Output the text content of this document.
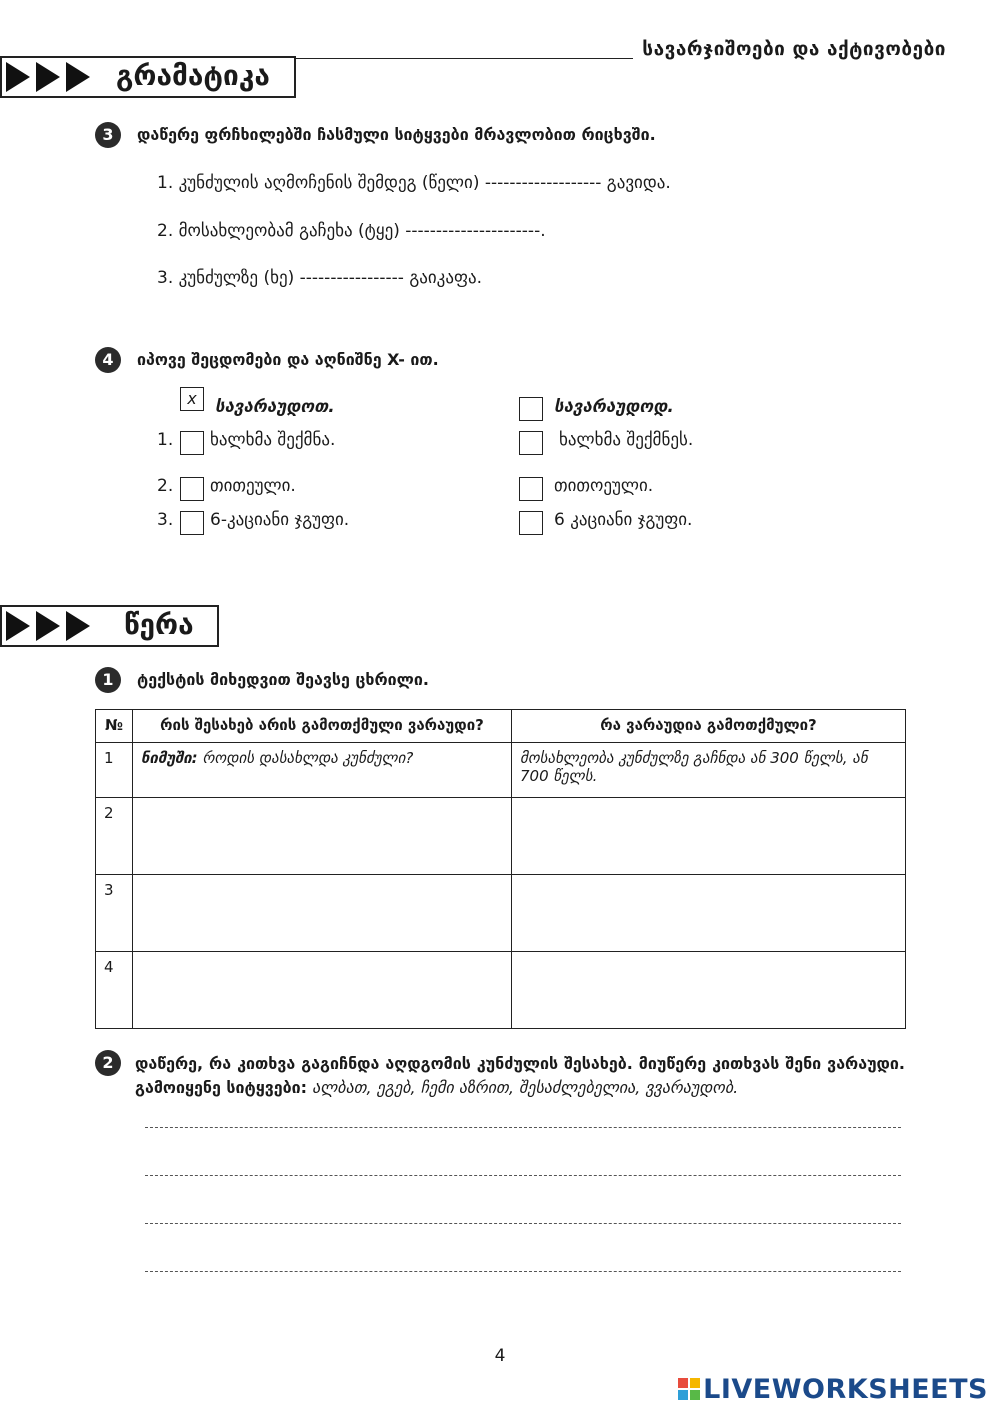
სავარჯიშოები და აქტივობები
გრამატიკა
3	დაწერე ფრჩხილებში ჩასმული სიტყვები მრავლობით რიცხვში.
1. კუნძულის აღმოჩენის შემდეგ (წელი) ------------------- გავიდა.
2. მოსახლეობამ გაჩეხა (ტყე) ----------------------.
3. კუნძულზე (ხე) ----------------- გაიკაფა.
4	იპოვე შეცდომები და აღნიშნე X- ით.
x	სავარაუდოთ.	სავარაუდოდ.
1. ხალხმა შექმნა.	ხალხმა შექმნეს.
2. თითეული.	თითოეული.
3. 6-კაციანი ჯგუფი.	6 კაციანი ჯგუფი.
წერა
1	ტექსტის მიხედვით შეავსე ცხრილი.
№	რის შესახებ არის გამოთქმული ვარაუდი?	რა ვარაუდია გამოთქმული?
1	ნიმუში: როდის დასახლდა კუნძული?	მოსახლეობა კუნძულზე გაჩნდა ან 300 წელს, ან 700 წელს.
2		
3		
4		
2	დაწერე, რა კითხვა გაგიჩნდა აღდგომის კუნძულის შესახებ. მიუწერე კითხვას შენი ვარაუდი. გამოიყენე სიტყვები: ალბათ, ეგებ, ჩემი აზრით, შესაძლებელია, ვვარაუდობ.
4
LIVEWORKSHEETS
